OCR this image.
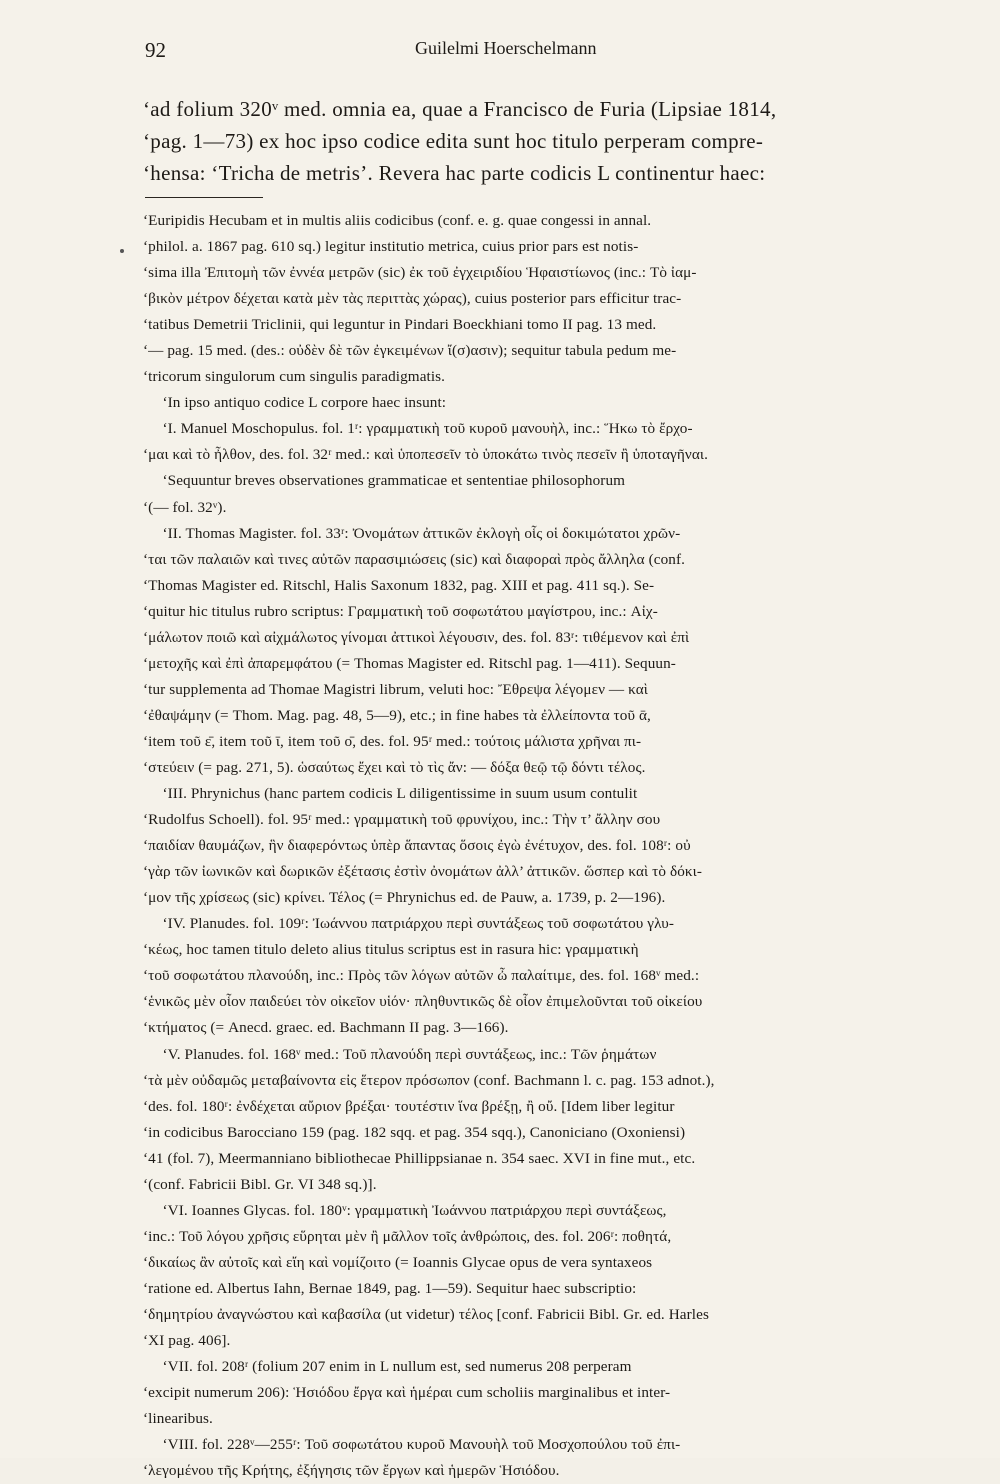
92	Guilelmi Hoerschelmann
‘ad folium 320ᵛ med. omnia ea, quae a Francisco de Furia (Lipsiae 1814,
‘pag. 1—73) ex hoc ipso codice edita sunt hoc titulo perperam compre-
‘hensa: ‘Tricha de metris’. Revera hac parte codicis L continentur haec:
‘Euripidis Hecubam et in multis aliis codicibus (conf. e. g. quae congessi in annal.
‘philol. a. 1867 pag. 610 sq.) legitur institutio metrica, cuius prior pars est notis-
‘sima illa Ἐπιτομὴ τῶν ἐννέα μετρῶν (sic) ἐκ τοῦ ἐγχειριδίου Ἡφαιστίωνος (inc.: Τὸ ἰαμ-
‘βικὸν μέτρον δέχεται κατὰ μὲν τὰς περιττὰς χώρας), cuius posterior pars efficitur trac-
‘tatibus Demetrii Triclinii, qui leguntur in Pindari Boeckhiani tomo II pag. 13 med.
‘— pag. 15 med. (des.: οὐδὲν δὲ τῶν ἐγκειμένων ἴ(σ)ασιν); sequitur tabula pedum me-
‘tricorum singulorum cum singulis paradigmatis.
‘In ipso antiquo codice L corpore haec insunt:
‘I. Manuel Moschopulus. fol. 1ʳ: γραμματικὴ τοῦ κυροῦ μανουὴλ, inc.: Ἥκω τὸ ἔρχο-
‘μαι καὶ τὸ ἦλθον, des. fol. 32ʳ med.: καὶ ὑποπεσεῖν τὸ ὑποκάτω τινὸς πεσεῖν ἢ ὑποταγῆναι.
‘Sequuntur breves observationes grammaticae et sententiae philosophorum
‘(— fol. 32ᵛ).
‘II. Thomas Magister. fol. 33ʳ: Ὀνομάτων ἀττικῶν ἐκλογὴ οἷς οἱ δοκιμώτατοι χρῶν-
‘ται τῶν παλαιῶν καὶ τινες αὐτῶν παρασιμιώσεις (sic) καὶ διαφοραὶ πρὸς ἄλληλα (conf.
‘Thomas Magister ed. Ritschl, Halis Saxonum 1832, pag. XIII et pag. 411 sq.). Se-
‘quitur hic titulus rubro scriptus: Γραμματικὴ τοῦ σοφωτάτου μαγίστρου, inc.: Αἰχ-
‘μάλωτον ποιῶ καὶ αἰχμάλωτος γίνομαι ἀττικοὶ λέγουσιν, des. fol. 83ʳ: τιθέμενον καὶ ἐπὶ
‘μετοχῆς καὶ ἐπὶ ἀπαρεμφάτου (= Thomas Magister ed. Ritschl pag. 1—411). Sequun-
‘tur supplementa ad Thomae Magistri librum, veluti hoc: Ἔθρεψα λέγομεν — καὶ
‘ἐθαψάμην (= Thom. Mag. pag. 48, 5—9), etc.; in fine habes τὰ ἐλλείποντα τοῦ ᾱ,
‘item τοῦ ε̄, item τοῦ ῑ, item τοῦ ο̄, des. fol. 95ʳ med.: τούτοις μάλιστα χρῆναι πι-
‘στεύειν (= pag. 271, 5). ὡσαύτως ἔχει καὶ τὸ τὶς ἄν: — δόξα θεῷ τῷ δόντι τέλος.
‘III. Phrynichus (hanc partem codicis L diligentissime in suum usum contulit
‘Rudolfus Schoell). fol. 95ʳ med.: γραμματικὴ τοῦ φρυνίχου, inc.: Τὴν τ’ ἄλλην σου
‘παιδίαν θαυμάζων, ἣν διαφερόντως ὑπὲρ ἅπαντας ὅσοις ἐγὼ ἐνέτυχον, des. fol. 108ʳ: οὐ
‘γὰρ τῶν ἰωνικῶν καὶ δωρικῶν ἐξέτασις ἐστὶν ὀνομάτων ἀλλ’ ἀττικῶν. ὥσπερ καὶ τὸ δόκι-
‘μον τῆς χρίσεως (sic) κρίνει. Τέλος (= Phrynichus ed. de Pauw, a. 1739, p. 2—196).
‘IV. Planudes. fol. 109ʳ: Ἰωάννου πατριάρχου περὶ συντάξεως τοῦ σοφωτάτου γλυ-
‘κέως, hoc tamen titulo deleto alius titulus scriptus est in rasura hic: γραμματικὴ
‘τοῦ σοφωτάτου πλανούδη, inc.: Πρὸς τῶν λόγων αὐτῶν ὦ παλαίτιμε, des. fol. 168ᵛ med.:
‘ἑνικῶς μὲν οἷον παιδεύει τὸν οἰκεῖον υἱόν· πληθυντικῶς δὲ οἷον ἐπιμελοῦνται τοῦ οἰκείου
‘κτήματος (= Anecd. graec. ed. Bachmann II pag. 3—166).
‘V. Planudes. fol. 168ᵛ med.: Τοῦ πλανούδη περὶ συντάξεως, inc.: Τῶν ῥημάτων
‘τὰ μὲν οὐδαμῶς μεταβαίνοντα εἰς ἕτερον πρόσωπον (conf. Bachmann l. c. pag. 153 adnot.),
‘des. fol. 180ʳ: ἐνδέχεται αὔριον βρέξαι· τουτέστιν ἵνα βρέξῃ, ἢ οὔ. [Idem liber legitur
‘in codicibus Barocciano 159 (pag. 182 sqq. et pag. 354 sqq.), Canoniciano (Oxoniensi)
‘41 (fol. 7), Meermanniano bibliothecae Phillippsianae n. 354 saec. XVI in fine mut., etc.
‘(conf. Fabricii Bibl. Gr. VI 348 sq.)].
‘VI. Ioannes Glycas. fol. 180ᵛ: γραμματικὴ Ἰωάννου πατριάρχου περὶ συντάξεως,
‘inc.: Τοῦ λόγου χρῆσις εὕρηται μὲν ἢ μᾶλλον τοῖς ἀνθρώποις, des. fol. 206ʳ: ποθητά,
‘δικαίως ἂν αὐτοῖς καὶ εἴη καὶ νομίζοιτο (= Ioannis Glycae opus de vera syntaxeos
‘ratione ed. Albertus Iahn, Bernae 1849, pag. 1—59). Sequitur haec subscriptio:
‘δημητρίου ἀναγνώστου καὶ καβασίλα (ut videtur) τέλος [conf. Fabricii Bibl. Gr. ed. Harles
‘XI pag. 406].
‘VII. fol. 208ʳ (folium 207 enim in L nullum est, sed numerus 208 perperam
‘excipit numerum 206): Ἡσιόδου ἔργα καὶ ἡμέραι cum scholiis marginalibus et inter-
‘linearibus.
‘VIII. fol. 228ᵛ—255ʳ: Τοῦ σοφωτάτου κυροῦ Μανουὴλ τοῦ Μοσχοπούλου τοῦ ἐπι-
‘λεγομένου τῆς Κρήτης, ἐξήγησις τῶν ἔργων καὶ ἡμερῶν Ἡσιόδου.
